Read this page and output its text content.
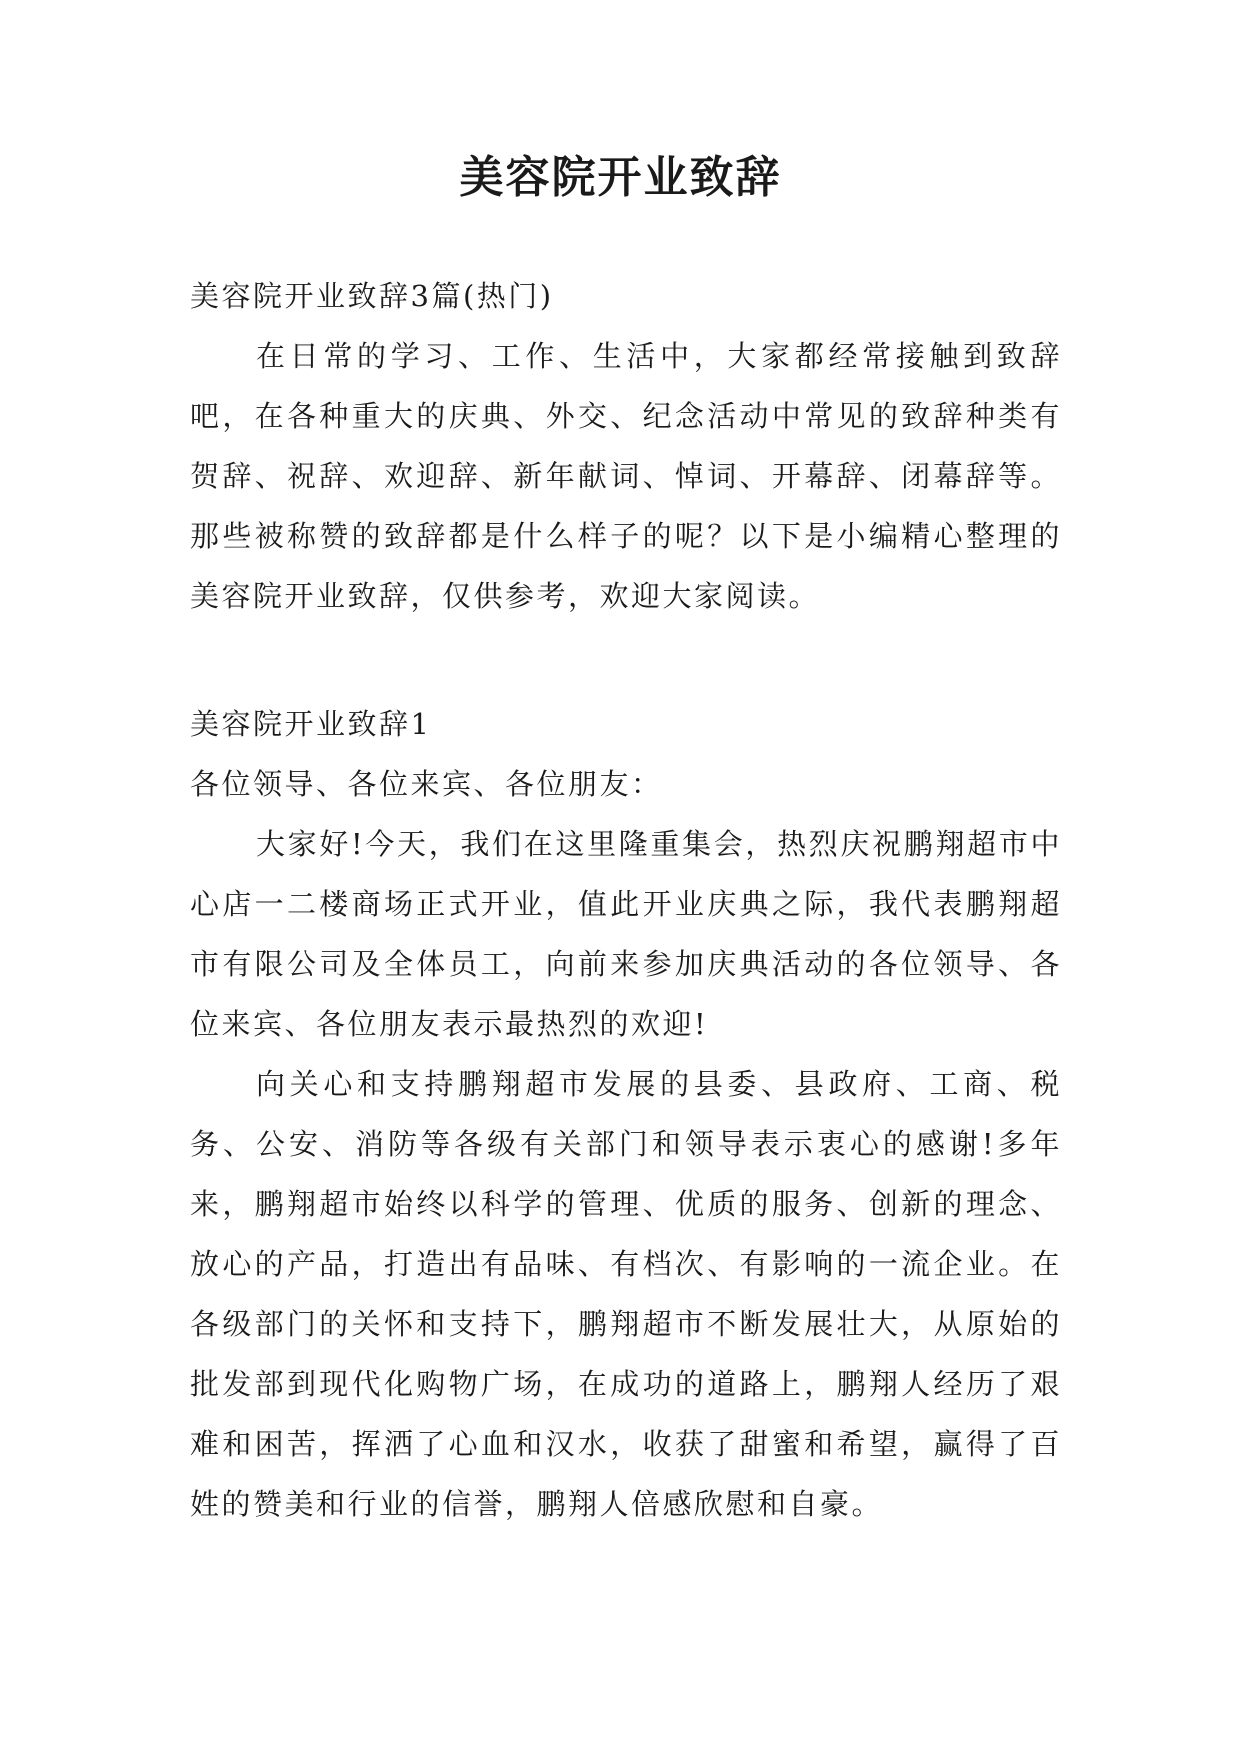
美容院开业致辞

美容院开业致辞3篇(热门)

在日常的学习、工作、生活中，大家都经常接触到致辞吧，在各种重大的庆典、外交、纪念活动中常见的致辞种类有贺辞、祝辞、欢迎辞、新年献词、悼词、开幕辞、闭幕辞等。那些被称赞的致辞都是什么样子的呢？以下是小编精心整理的美容院开业致辞，仅供参考，欢迎大家阅读。

美容院开业致辞1

各位领导、各位来宾、各位朋友：

大家好!今天，我们在这里隆重集会，热烈庆祝鹏翔超市中心店一二楼商场正式开业，值此开业庆典之际，我代表鹏翔超市有限公司及全体员工，向前来参加庆典活动的各位领导、各位来宾、各位朋友表示最热烈的欢迎!

向关心和支持鹏翔超市发展的县委、县政府、工商、税务、公安、消防等各级有关部门和领导表示衷心的感谢!多年来，鹏翔超市始终以科学的管理、优质的服务、创新的理念、放心的产品，打造出有品味、有档次、有影响的一流企业。在各级部门的关怀和支持下，鹏翔超市不断发展壮大，从原始的批发部到现代化购物广场，在成功的道路上，鹏翔人经历了艰难和困苦，挥洒了心血和汉水，收获了甜蜜和希望，赢得了百姓的赞美和行业的信誉，鹏翔人倍感欣慰和自豪。
